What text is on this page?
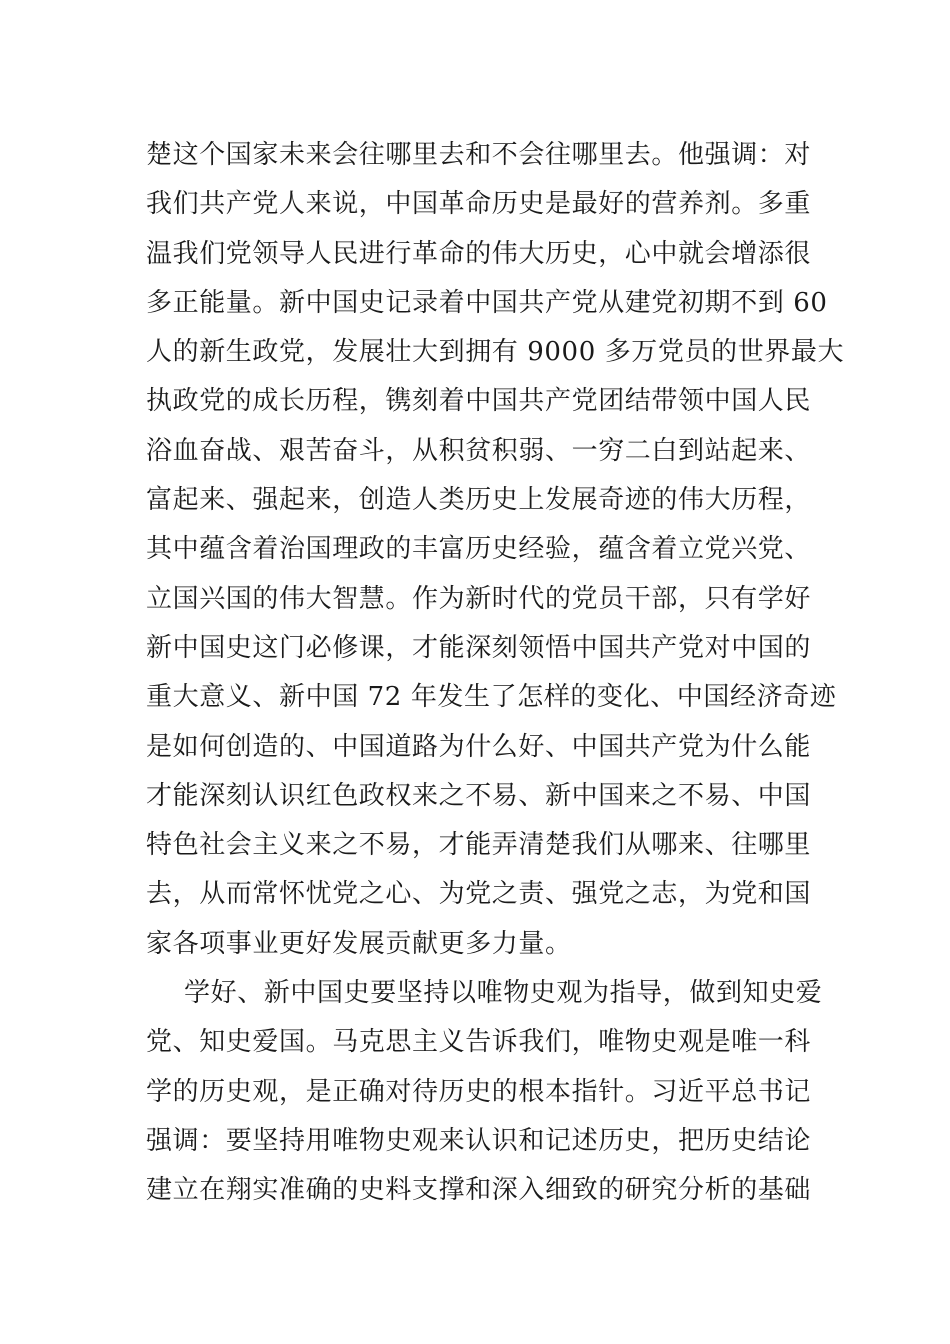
楚这个国家未来会往哪里去和不会往哪里去。他强调：对
我们共产党人来说，中国革命历史是最好的营养剂。多重
温我们党领导人民进行革命的伟大历史，心中就会增添很
多正能量。新中国史记录着中国共产党从建党初期不到 60
人的新生政党，发展壮大到拥有 9000 多万党员的世界最大
执政党的成长历程，镌刻着中国共产党团结带领中国人民
浴血奋战、艰苦奋斗，从积贫积弱、一穷二白到站起来、
富起来、强起来，创造人类历史上发展奇迹的伟大历程，
其中蕴含着治国理政的丰富历史经验，蕴含着立党兴党、
立国兴国的伟大智慧。作为新时代的党员干部，只有学好
新中国史这门必修课，才能深刻领悟中国共产党对中国的
重大意义、新中国 72 年发生了怎样的变化、中国经济奇迹
是如何创造的、中国道路为什么好、中国共产党为什么能
才能深刻认识红色政权来之不易、新中国来之不易、中国
特色社会主义来之不易，才能弄清楚我们从哪来、往哪里
去，从而常怀忧党之心、为党之责、强党之志，为党和国
家各项事业更好发展贡献更多力量。
学好、新中国史要坚持以唯物史观为指导，做到知史爱
党、知史爱国。马克思主义告诉我们，唯物史观是唯一科
学的历史观，是正确对待历史的根本指针。习近平总书记
强调：要坚持用唯物史观来认识和记述历史，把历史结论
建立在翔实准确的史料支撑和深入细致的研究分析的基础
